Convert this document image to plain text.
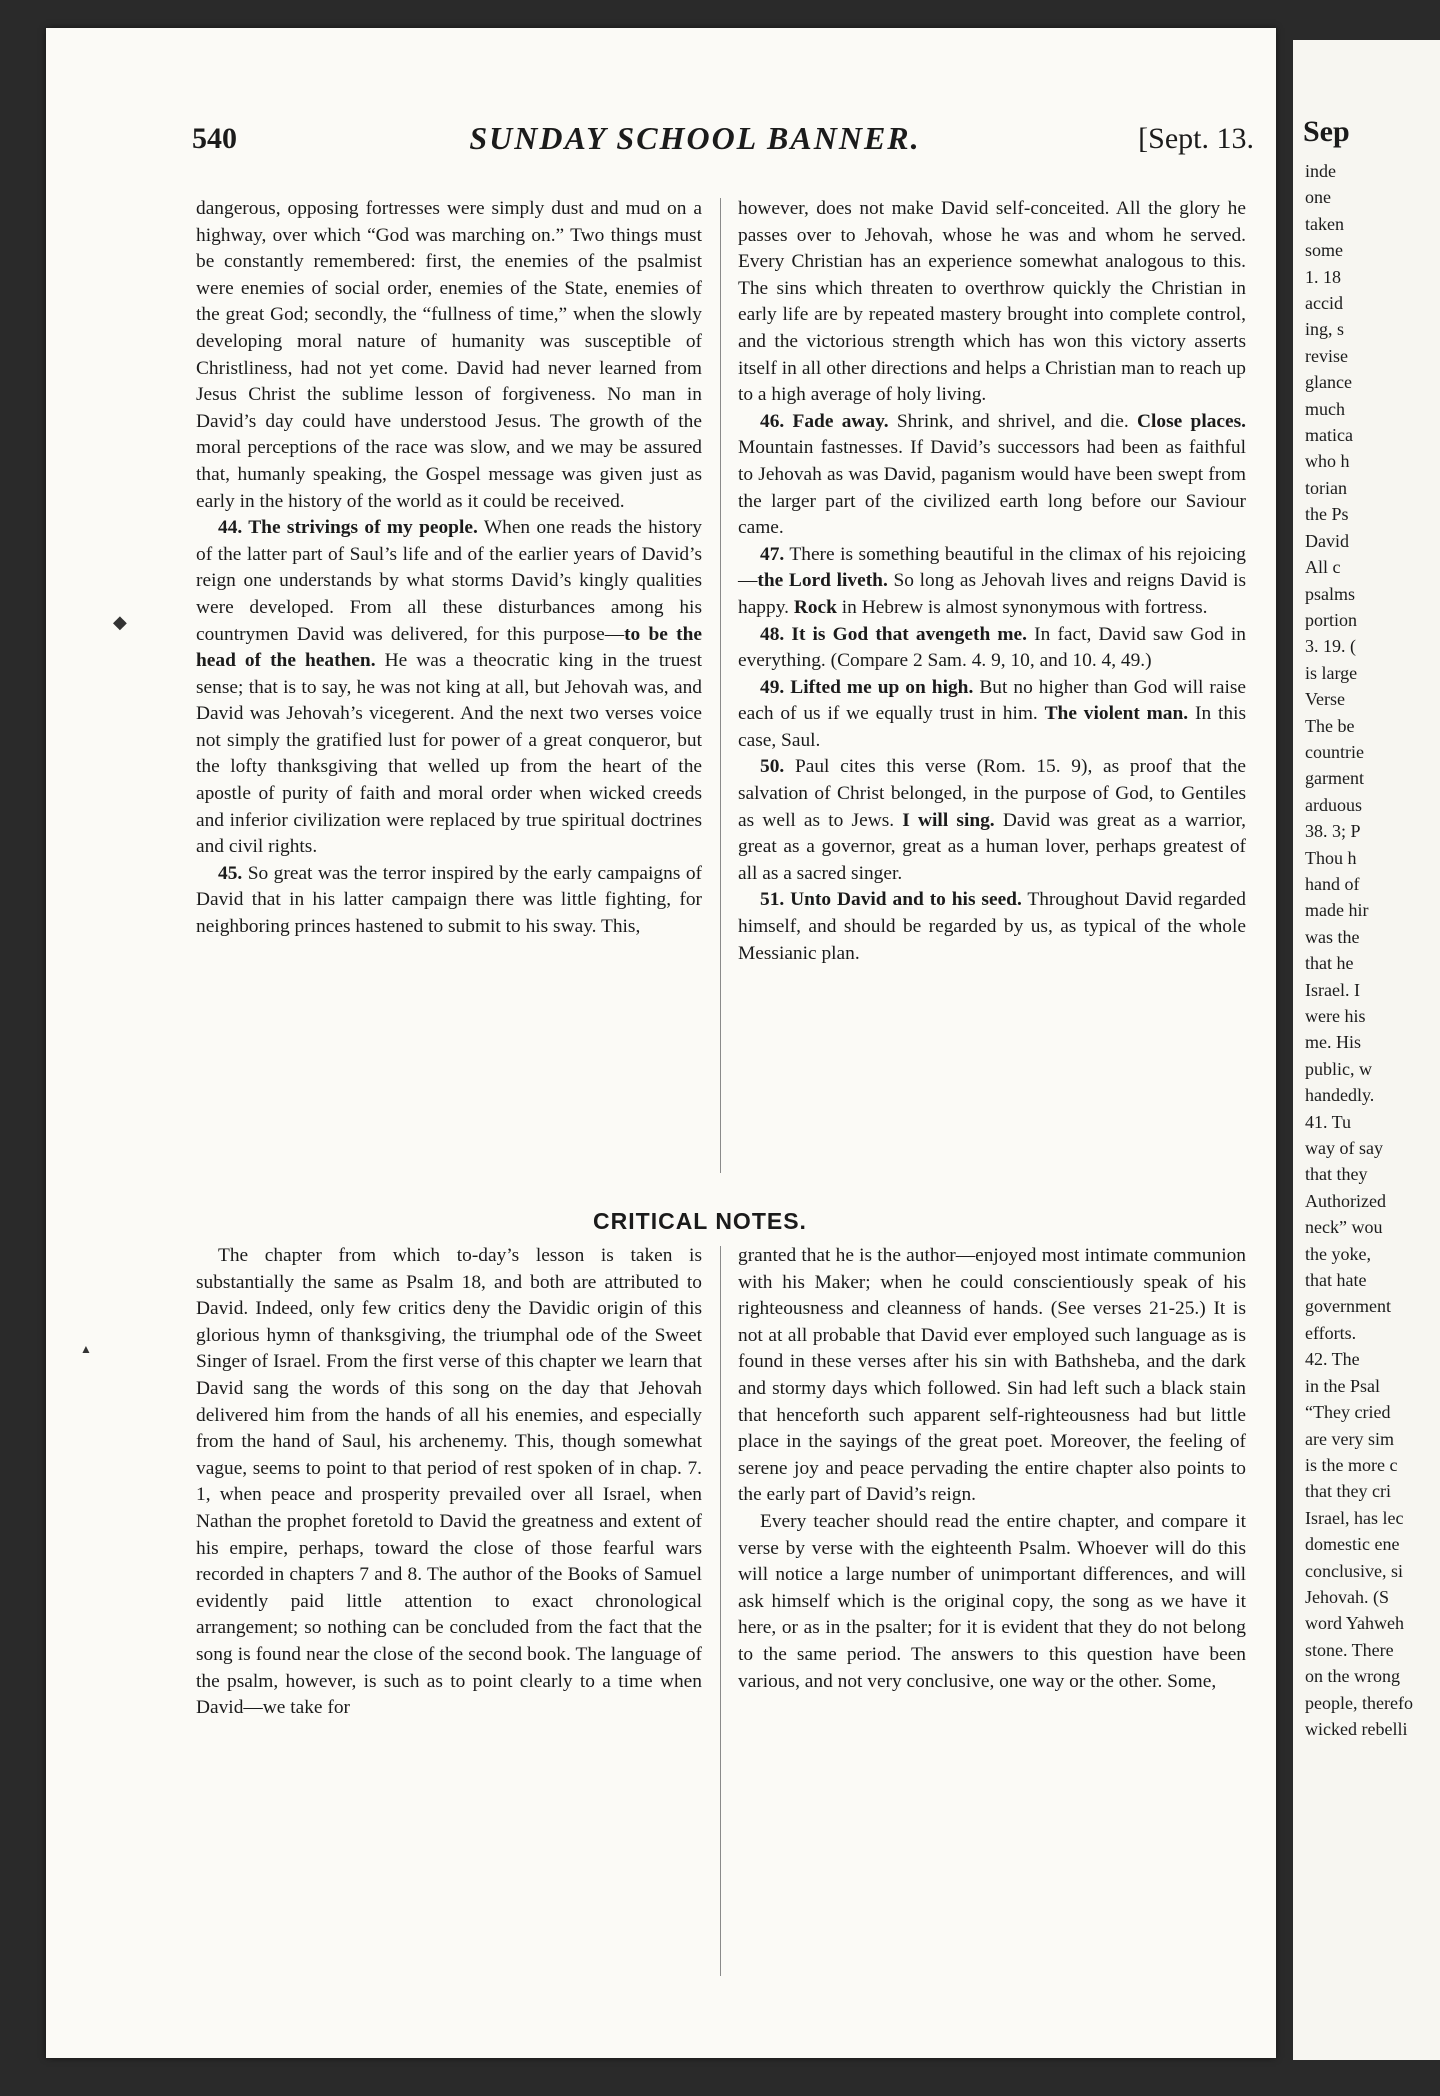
Sep
inde
one
taken
some
1. 18
accid
ing, s
revise
glance
much
matica
who h
torian
the Ps
David
All c
psalms
portion
3. 19. (
is large
Verse
The be
countrie
garment
arduous
38. 3; P
Thou h
hand of
made hir
was the
that he
Israel. I
were his
me. His
public, w
handedly.
41. Tu
way of say
that they
Authorized
neck” wou
the yoke,
that hate
government
efforts.
42. The
in the Psal
“They cried
are very sim
is the more c
that they cri
Israel, has lec
domestic ene
conclusive, si
Jehovah. (S
word Yahweh
stone. There
on the wrong
people, therefo
wicked rebelli
540	SUNDAY SCHOOL BANNER.	[Sept. 13.

dangerous, opposing fortresses were simply dust and mud on a highway, over which “God was marching on.” Two things must be constantly remembered: first, the enemies of the psalmist were enemies of social order, enemies of the State, enemies of the great God; secondly, the “fullness of time,” when the slowly developing moral nature of humanity was susceptible of Christliness, had not yet come. David had never learned from Jesus Christ the sublime lesson of forgiveness. No man in David’s day could have understood Jesus. The growth of the moral perceptions of the race was slow, and we may be assured that, humanly speaking, the Gospel message was given just as early in the history of the world as it could be received.

44. The strivings of my people. When one reads the history of the latter part of Saul’s life and of the earlier years of David’s reign one understands by what storms David’s kingly qualities were developed. From all these disturbances among his countrymen David was delivered, for this purpose—to be the head of the heathen. He was a theocratic king in the truest sense; that is to say, he was not king at all, but Jehovah was, and David was Jehovah’s vicegerent. And the next two verses voice not simply the gratified lust for power of a great conqueror, but the lofty thanksgiving that welled up from the heart of the apostle of purity of faith and moral order when wicked creeds and inferior civilization were replaced by true spiritual doctrines and civil rights.

45. So great was the terror inspired by the early campaigns of David that in his latter campaign there was little fighting, for neighboring princes hastened to submit to his sway. This,

however, does not make David self-conceited. All the glory he passes over to Jehovah, whose he was and whom he served. Every Christian has an experience somewhat analogous to this. The sins which threaten to overthrow quickly the Christian in early life are by repeated mastery brought into complete control, and the victorious strength which has won this victory asserts itself in all other directions and helps a Christian man to reach up to a high average of holy living.

46. Fade away. Shrink, and shrivel, and die. Close places. Mountain fastnesses. If David’s successors had been as faithful to Jehovah as was David, paganism would have been swept from the larger part of the civilized earth long before our Saviour came.

47. There is something beautiful in the climax of his rejoicing—the Lord liveth. So long as Jehovah lives and reigns David is happy. Rock in Hebrew is almost synonymous with fortress.

48. It is God that avengeth me. In fact, David saw God in everything. (Compare 2 Sam. 4. 9, 10, and 10. 4, 49.)

49. Lifted me up on high. But no higher than God will raise each of us if we equally trust in him. The violent man. In this case, Saul.

50. Paul cites this verse (Rom. 15. 9), as proof that the salvation of Christ belonged, in the purpose of God, to Gentiles as well as to Jews. I will sing. David was great as a warrior, great as a governor, great as a human lover, perhaps greatest of all as a sacred singer.

51. Unto David and to his seed. Throughout David regarded himself, and should be regarded by us, as typical of the whole Messianic plan.

CRITICAL NOTES.

The chapter from which to-day’s lesson is taken is substantially the same as Psalm 18, and both are attributed to David. Indeed, only few critics deny the Davidic origin of this glorious hymn of thanksgiving, the triumphal ode of the Sweet Singer of Israel. From the first verse of this chapter we learn that David sang the words of this song on the day that Jehovah delivered him from the hands of all his enemies, and especially from the hand of Saul, his archenemy. This, though somewhat vague, seems to point to that period of rest spoken of in chap. 7. 1, when peace and prosperity prevailed over all Israel, when Nathan the prophet foretold to David the greatness and extent of his empire, perhaps, toward the close of those fearful wars recorded in chapters 7 and 8. The author of the Books of Samuel evidently paid little attention to exact chronological arrangement; so nothing can be concluded from the fact that the song is found near the close of the second book. The language of the psalm, however, is such as to point clearly to a time when David—we take for

granted that he is the author—enjoyed most intimate communion with his Maker; when he could conscientiously speak of his righteousness and cleanness of hands. (See verses 21-25.) It is not at all probable that David ever employed such language as is found in these verses after his sin with Bathsheba, and the dark and stormy days which followed. Sin had left such a black stain that henceforth such apparent self-righteousness had but little place in the sayings of the great poet. Moreover, the feeling of serene joy and peace pervading the entire chapter also points to the early part of David’s reign.

Every teacher should read the entire chapter, and compare it verse by verse with the eighteenth Psalm. Whoever will do this will notice a large number of unimportant differences, and will ask himself which is the original copy, the song as we have it here, or as in the psalter; for it is evident that they do not belong to the same period. The answers to this question have been various, and not very conclusive, one way or the other. Some,

◆
▲
